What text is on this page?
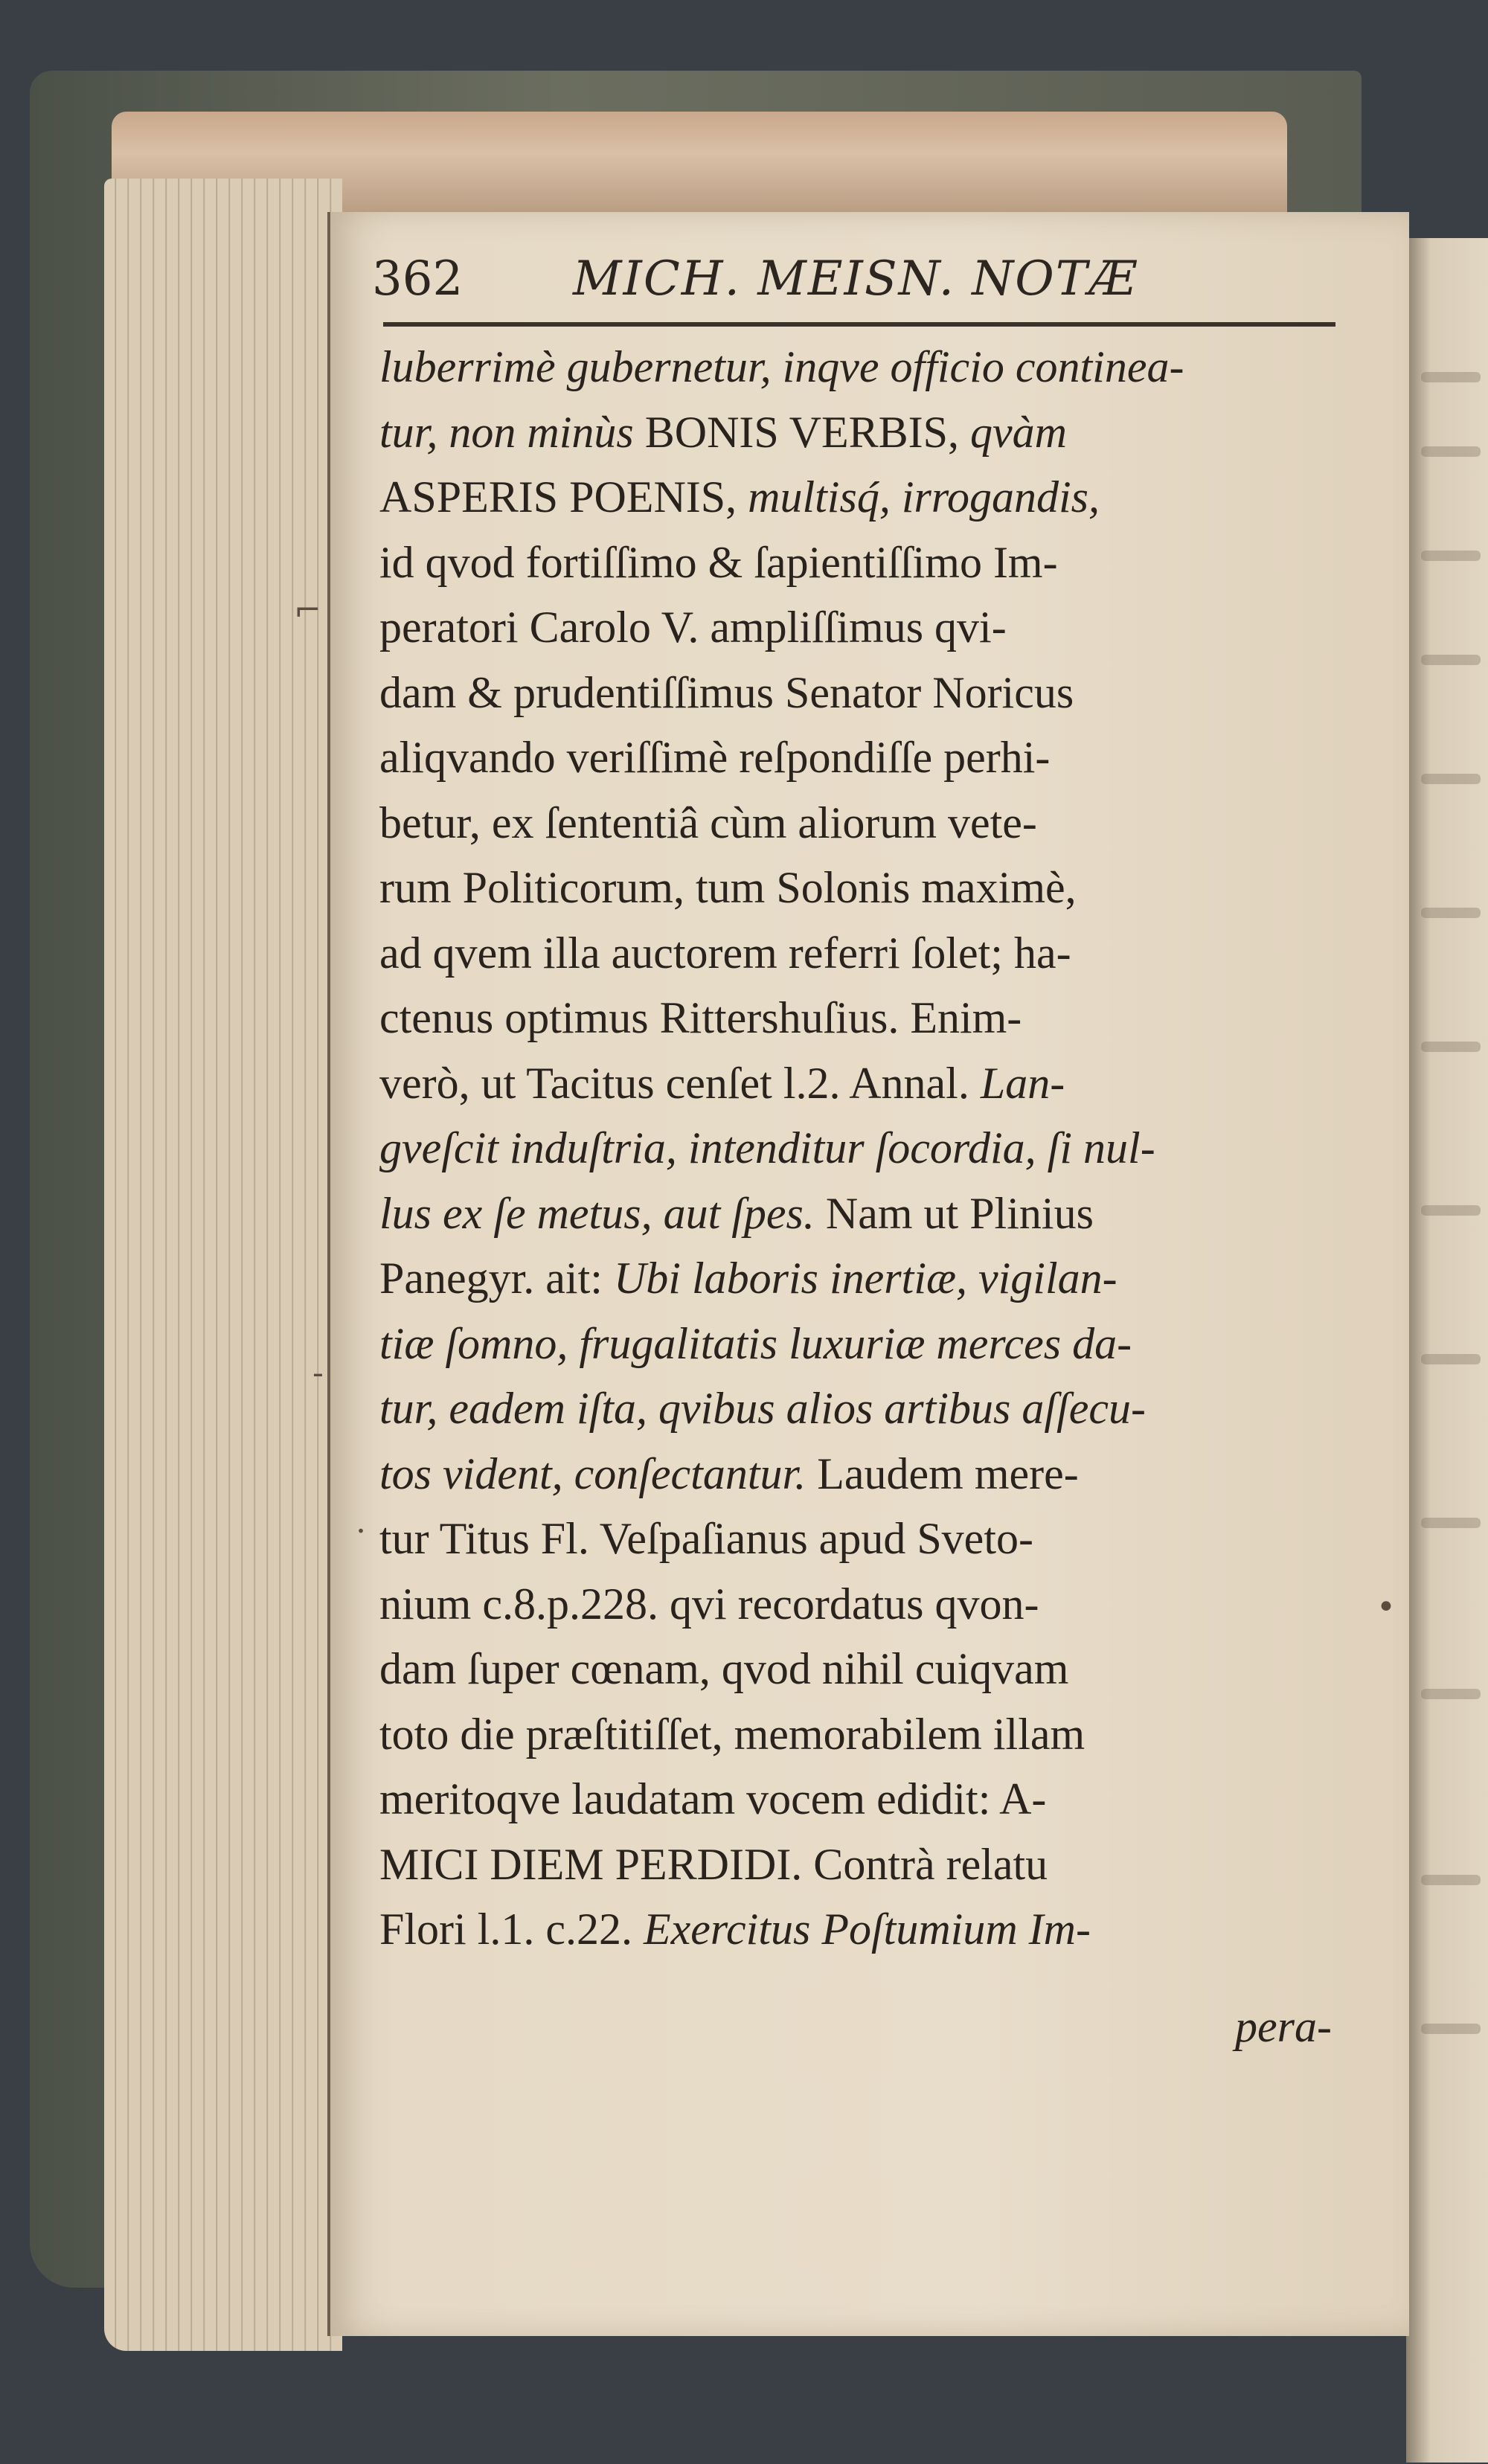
362 MICH. MEISN. NOTÆ
luberrimè gubernetur, inqve officio continea-
tur, non minùs BONIS VERBIS, qvàm
ASPERIS POENIS, multisq́, irrogandis,
id qvod fortiſſimo & ſapientiſſimo Im-
peratori Carolo V. ampliſſimus qvi-
dam & prudentiſſimus Senator Noricus
aliqvando veriſſimè reſpondiſſe perhi-
betur, ex ſententiâ cùm aliorum vete-
rum Politicorum, tum Solonis maximè,
ad qvem illa auctorem referri ſolet; ha-
ctenus optimus Rittershuſius. Enim-
verò, ut Tacitus cenſet l.2. Annal. Lan-
gveſcit induſtria, intenditur ſocordia, ſi nul-
lus ex ſe metus, aut ſpes. Nam ut Plinius
Panegyr. ait: Ubi laboris inertiæ, vigilan-
tiæ ſomno, frugalitatis luxuriæ merces da-
tur, eadem iſta, qvibus alios artibus aſſecu-
tos vident, conſectantur. Laudem mere-
tur Titus Fl. Veſpaſianus apud Sveto-
nium c.8.p.228. qvi recordatus qvon-
dam ſuper cœnam, qvod nihil cuiqvam
toto die præſtitiſſet, memorabilem illam
meritoqve laudatam vocem edidit: A-
MICI DIEM PERDIDI. Contrà relatu
Flori l.1. c.22. Exercitus Poſtumium Im-
pera-
⌐
-
.
•
